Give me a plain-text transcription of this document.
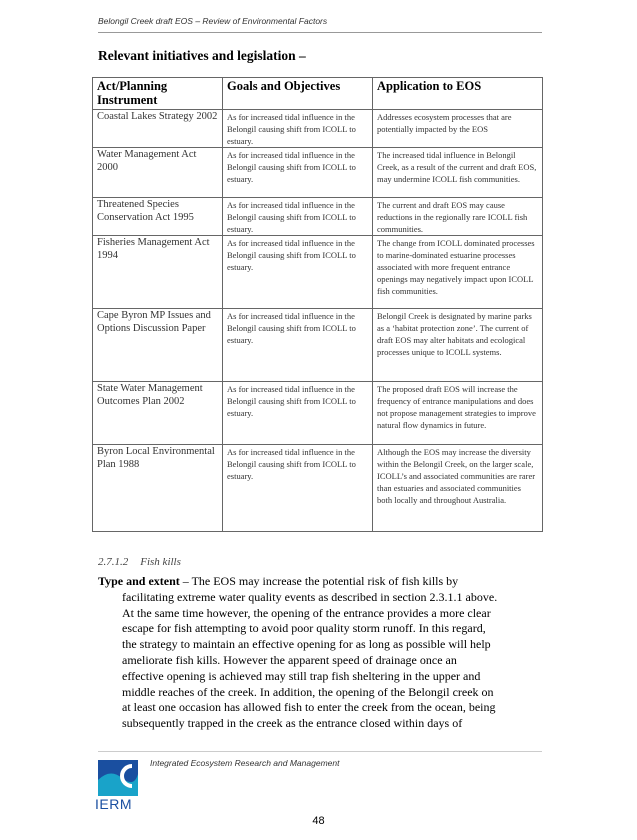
Belongil Creek draft EOS – Review of Environmental Factors
Relevant initiatives and legislation –
Act/Planning Instrument	Goals and Objectives	Application to EOS
Coastal Lakes Strategy 2002	As for increased tidal influence in the Belongil causing shift from ICOLL to estuary.	Addresses ecosystem processes that are potentially impacted by the EOS
Water Management Act 2000	As for increased tidal influence in the Belongil causing shift from ICOLL to estuary.	The increased tidal influence in Belongil Creek, as a result of the current and draft EOS, may undermine ICOLL fish communities.
Threatened Species Conservation Act 1995	As for increased tidal influence in the Belongil causing shift from ICOLL to estuary.	The current and draft EOS may cause reductions in the regionally rare ICOLL fish communities.
Fisheries Management Act 1994	As for increased tidal influence in the Belongil causing shift from ICOLL to estuary.	The change from ICOLL dominated processes to marine-dominated estuarine processes associated with more frequent entrance openings may negatively impact upon ICOLL fish communities.
Cape Byron MP Issues and Options Discussion Paper	As for increased tidal influence in the Belongil causing shift from ICOLL to estuary.	Belongil Creek is designated by marine parks as a ‘habitat protection zone’. The current of draft EOS may alter habitats and ecological processes unique to ICOLL systems.
State Water Management Outcomes Plan 2002	As for increased tidal influence in the Belongil causing shift from ICOLL to estuary.	The proposed draft EOS will increase the frequency of entrance manipulations and does not propose management strategies to improve natural flow dynamics in future.
Byron Local Environmental Plan 1988	As for increased tidal influence in the Belongil causing shift from ICOLL to estuary.	Although the EOS may increase the diversity within the Belongil Creek, on the larger scale, ICOLL’s and associated communities are rarer than estuaries and associated communities both locally and throughout Australia.
2.7.1.2 Fish kills
Type and extent – The EOS may increase the potential risk of fish kills by
facilitating extreme water quality events as described in section 2.3.1.1 above.
At the same time however, the opening of the entrance provides a more clear
escape for fish attempting to avoid poor quality storm runoff. In this regard,
the strategy to maintain an effective opening for as long as possible will help
ameliorate fish kills. However the apparent speed of drainage once an
effective opening is achieved may still trap fish sheltering in the upper and
middle reaches of the creek. In addition, the opening of the Belongil creek on
at least one occasion has allowed fish to enter the creek from the ocean, being
subsequently trapped in the creek as the entrance closed within days of
IERM
Integrated Ecosystem Research and Management
48
